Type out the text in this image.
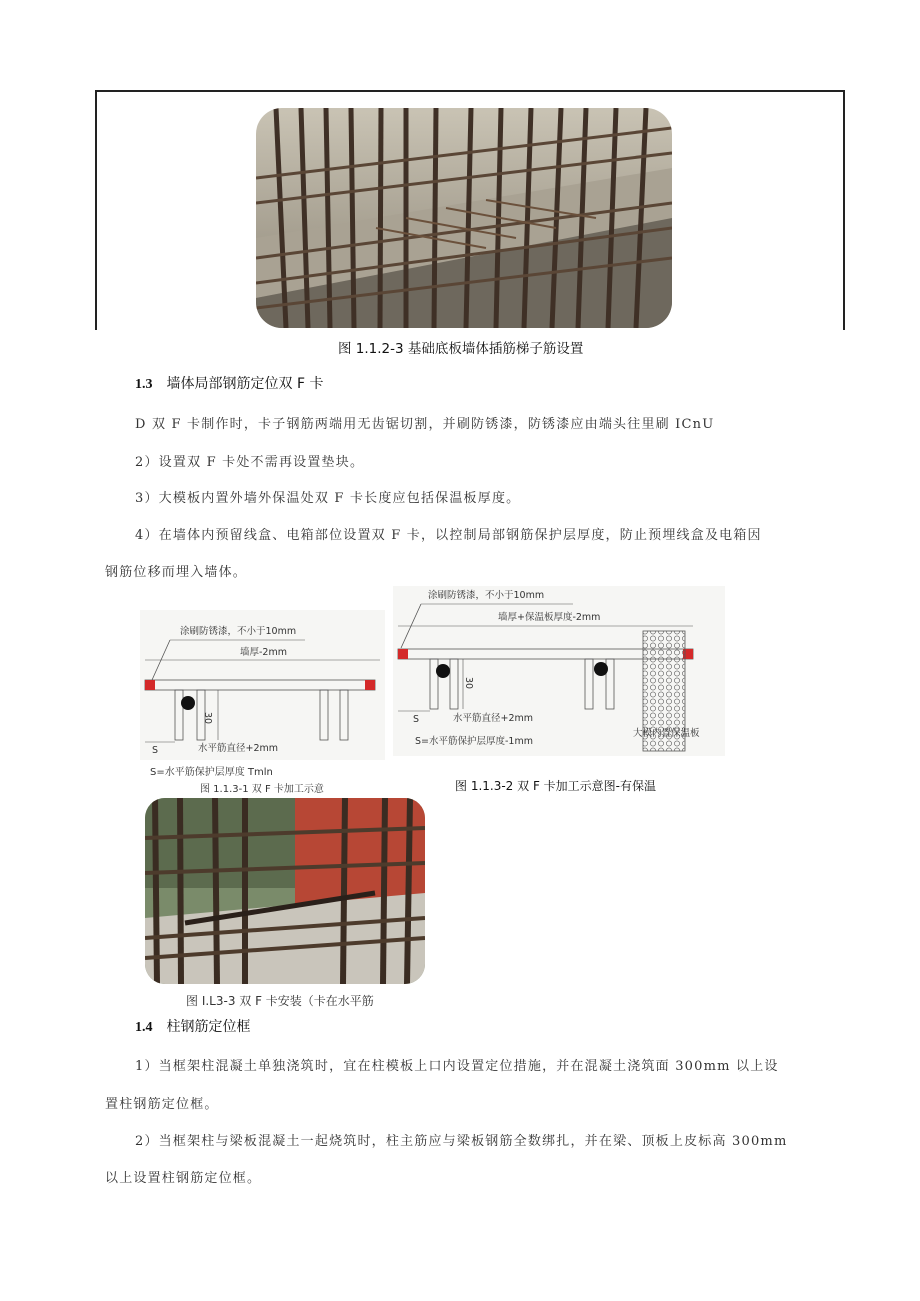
图 1.1.2-3 基础底板墙体插筋梯子筋设置
1.3 墙体局部钢筋定位双 F 卡
D 双 F 卡制作时，卡子钢筋两端用无齿锯切割，并刷防锈漆，防锈漆应由端头往里刷 ICnU
2）设置双 F 卡处不需再设置垫块。
3）大模板内置外墙外保温处双 F 卡长度应包括保温板厚度。
4）在墙体内预留线盒、电箱部位设置双 F 卡，以控制局部钢筋保护层厚度，防止预埋线盒及电箱因
钢筋位移而埋入墙体。
涂刷防锈漆，不小于10mm
墙厚-2mm
30
S	水平筋直径+2mm
S=水平筋保护层厚度 Tmln
图 1.1.3-1 双 F 卡加工示意
涂刷防锈漆，不小于10mm
墙厚+保温板厚度-2mm
30
S	水平筋直径+2mm
S=水平筋保护层厚度-1mm
大模内置保温板
图 1.1.3-2 双 F 卡加工示意图-有保温
图 I.L3-3 双 F 卡安装（卡在水平筋
1.4 柱钢筋定位框
1）当框架柱混凝土单独浇筑时，宜在柱模板上口内设置定位措施，并在混凝土浇筑面 300mm 以上设
置柱钢筋定位框。
2）当框架柱与梁板混凝土一起烧筑时，柱主筋应与梁板钢筋全数绑扎，并在梁、顶板上皮标高 300mm
以上设置柱钢筋定位框。
